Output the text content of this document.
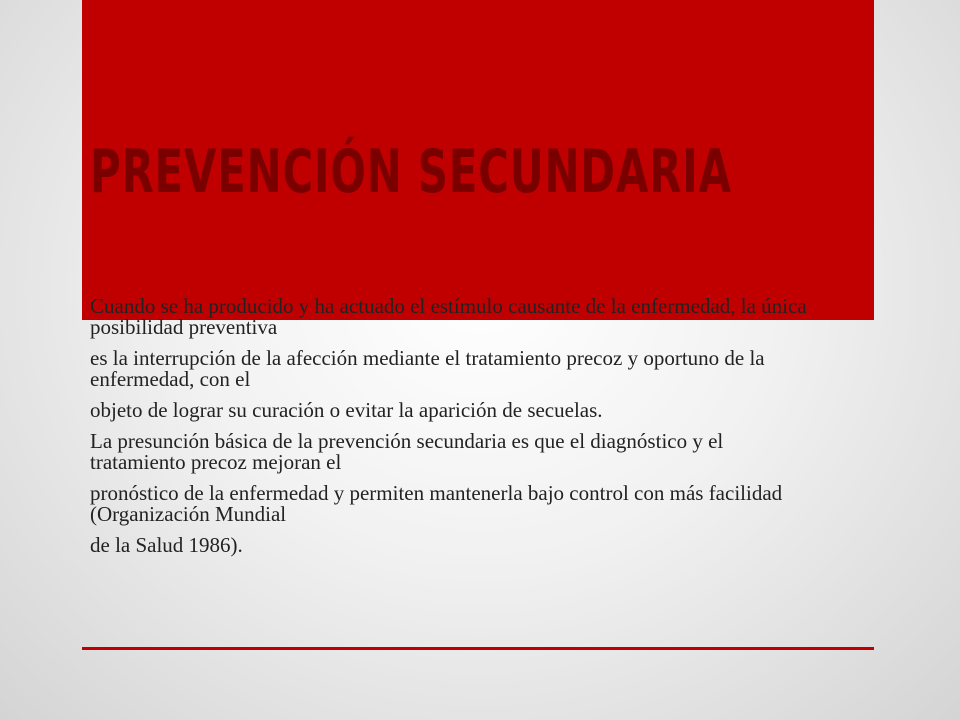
PREVENCIÓN SECUNDARIA

Cuando se ha producido y ha actuado el estímulo causante de la enfermedad, la única posibilidad preventiva

es la interrupción de la afección mediante el tratamiento precoz y oportuno de la enfermedad, con el

objeto de lograr su curación o evitar la aparición de secuelas.

La presunción básica de la prevención secundaria es que el diagnóstico y el tratamiento precoz mejoran el

pronóstico de la enfermedad y permiten mantenerla bajo control con más facilidad (Organización Mundial

de la Salud 1986).
